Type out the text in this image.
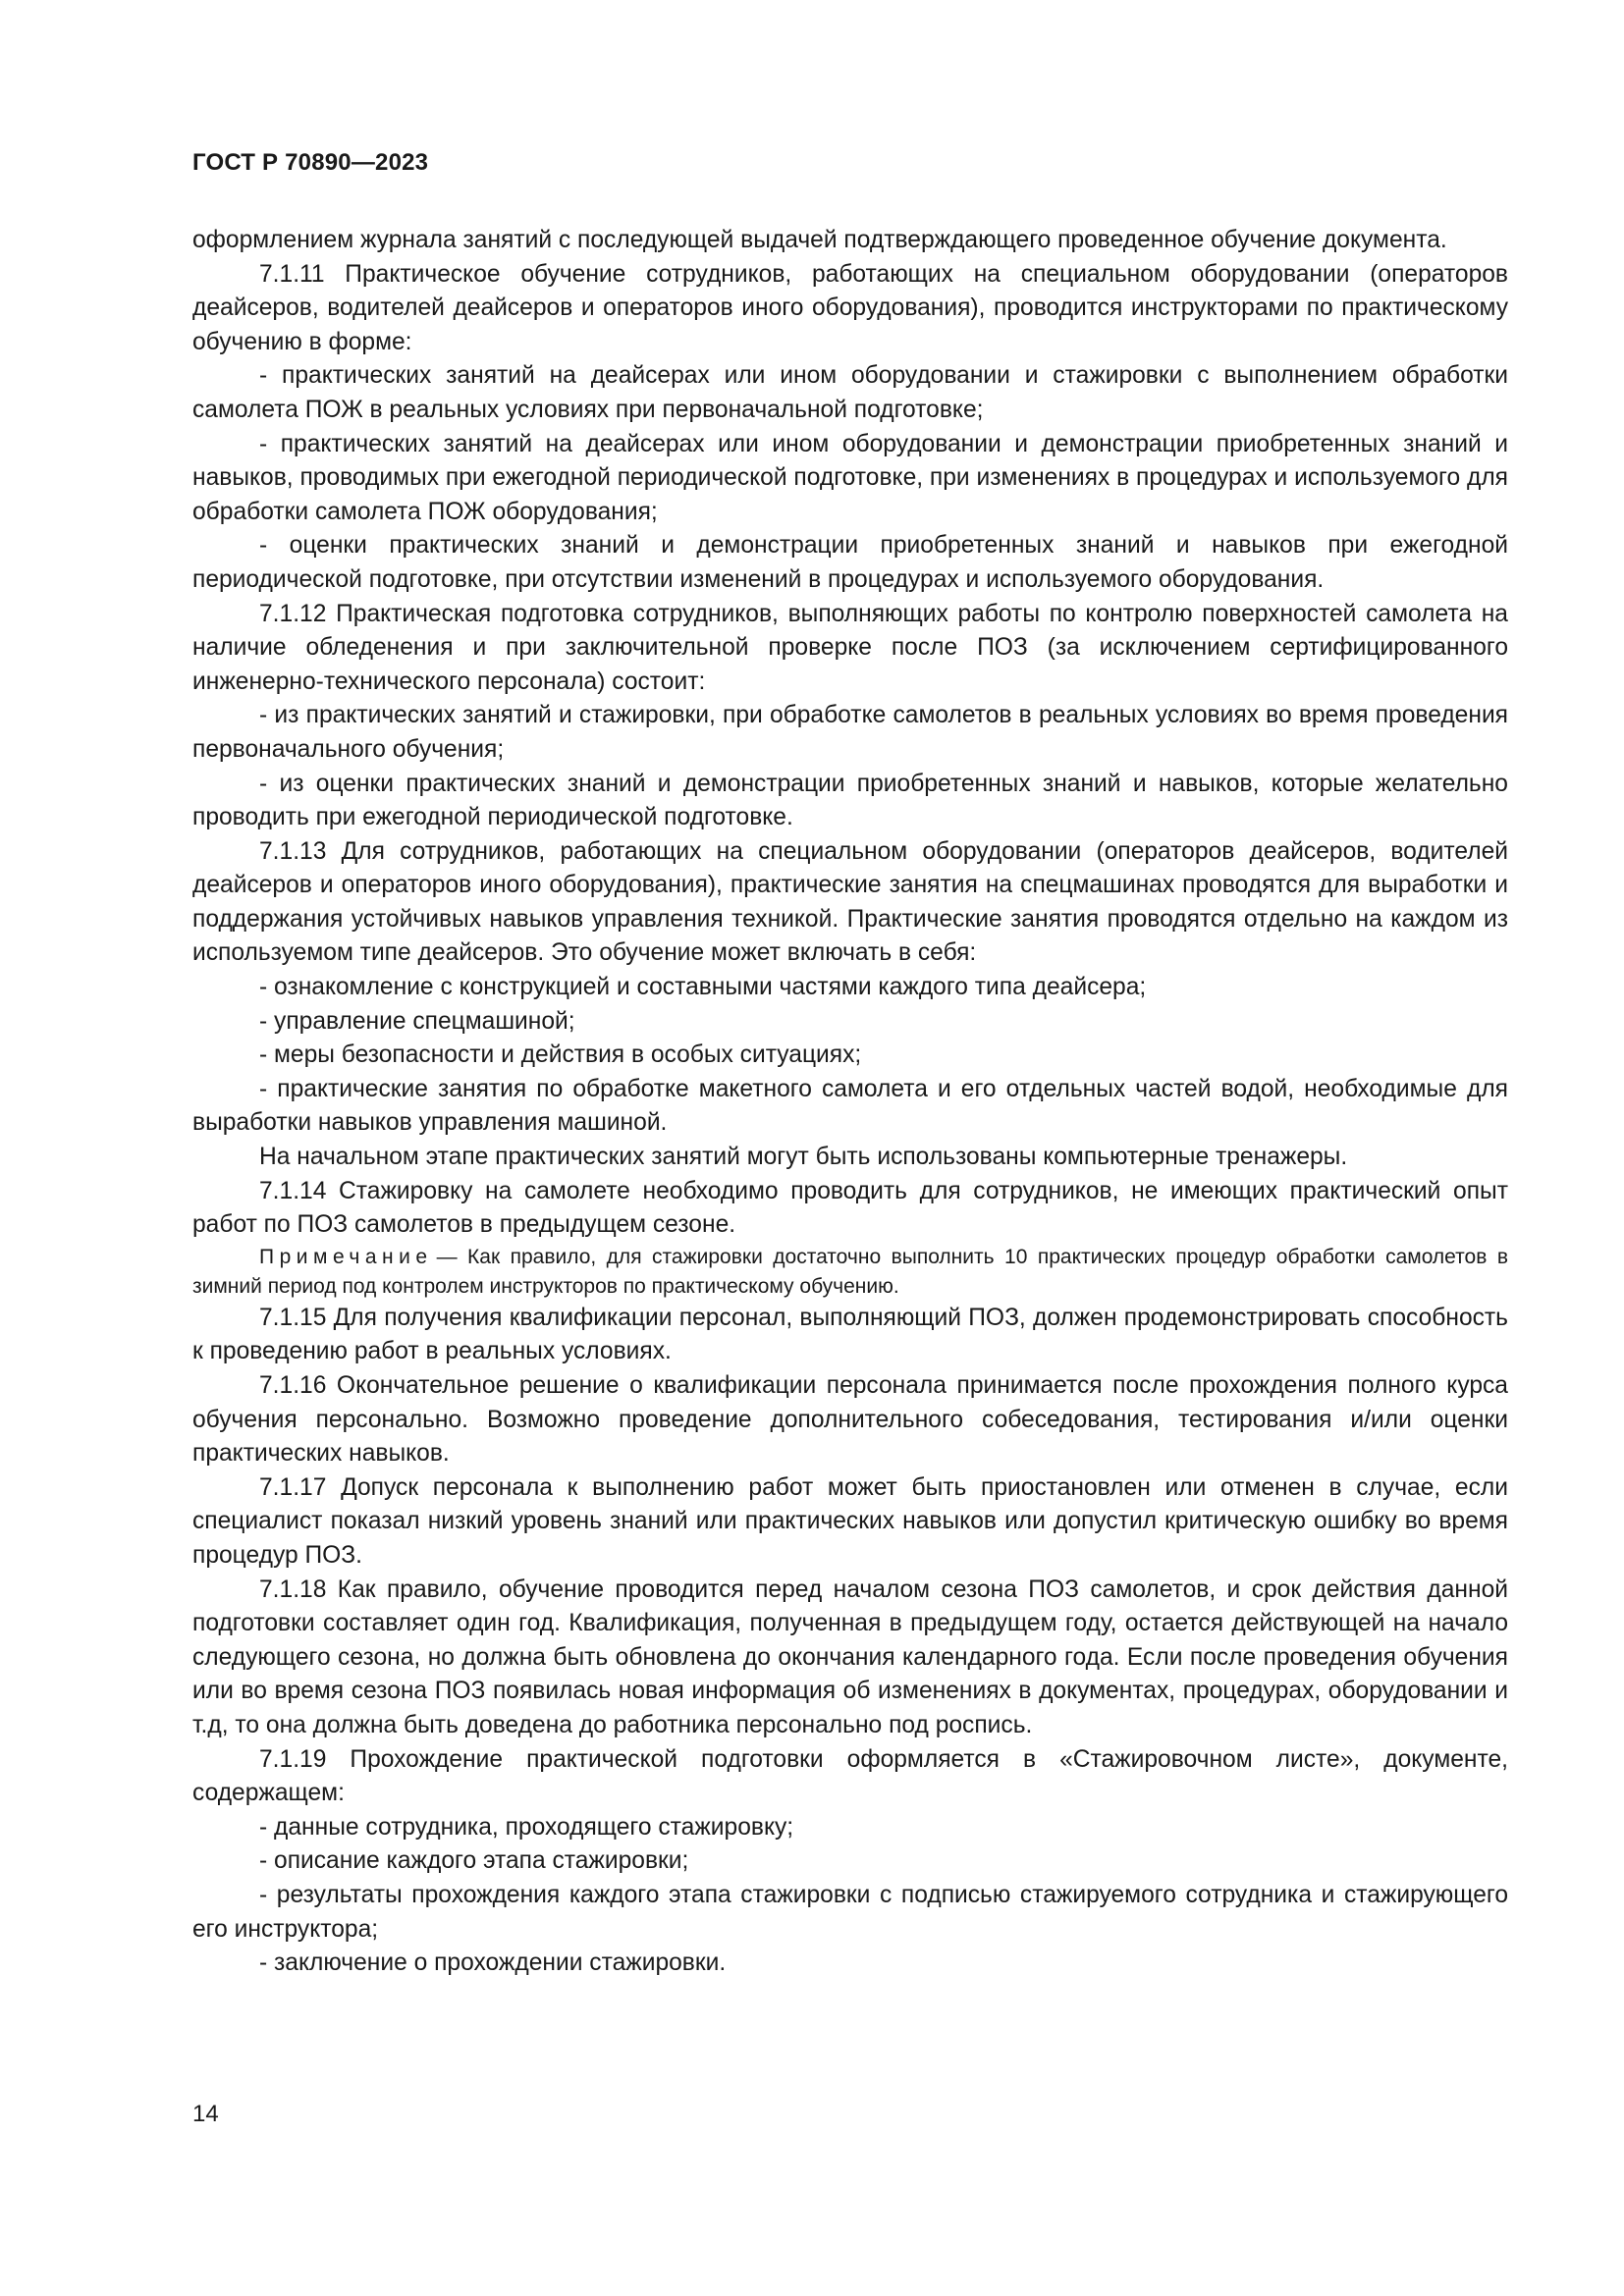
ГОСТ Р 70890—2023

оформлением журнала занятий с последующей выдачей подтверждающего проведенное обучение документа.

7.1.11 Практическое обучение сотрудников, работающих на специальном оборудовании (операторов деайсеров, водителей деайсеров и операторов иного оборудования), проводится инструкторами по практическому обучению в форме:

- практических занятий на деайсерах или ином оборудовании и стажировки с выполнением обработки самолета ПОЖ в реальных условиях при первоначальной подготовке;

- практических занятий на деайсерах или ином оборудовании и демонстрации приобретенных знаний и навыков, проводимых при ежегодной периодической подготовке, при изменениях в процедурах и используемого для обработки самолета ПОЖ оборудования;

- оценки практических знаний и демонстрации приобретенных знаний и навыков при ежегодной периодической подготовке, при отсутствии изменений в процедурах и используемого оборудования.

7.1.12 Практическая подготовка сотрудников, выполняющих работы по контролю поверхностей самолета на наличие обледенения и при заключительной проверке после ПОЗ (за исключением сертифицированного инженерно-технического персонала) состоит:

- из практических занятий и стажировки, при обработке самолетов в реальных условиях во время проведения первоначального обучения;

- из оценки практических знаний и демонстрации приобретенных знаний и навыков, которые желательно проводить при ежегодной периодической подготовке.

7.1.13 Для сотрудников, работающих на специальном оборудовании (операторов деайсеров, водителей деайсеров и операторов иного оборудования), практические занятия на спецмашинах проводятся для выработки и поддержания устойчивых навыков управления техникой. Практические занятия проводятся отдельно на каждом из используемом типе деайсеров. Это обучение может включать в себя:

- ознакомление с конструкцией и составными частями каждого типа деайсера;

- управление спецмашиной;

- меры безопасности и действия в особых ситуациях;

- практические занятия по обработке макетного самолета и его отдельных частей водой, необходимые для выработки навыков управления машиной.

На начальном этапе практических занятий могут быть использованы компьютерные тренажеры.

7.1.14 Стажировку на самолете необходимо проводить для сотрудников, не имеющих практический опыт работ по ПОЗ самолетов в предыдущем сезоне.

Примечание — Как правило, для стажировки достаточно выполнить 10 практических процедур обработки самолетов в зимний период под контролем инструкторов по практическому обучению.

7.1.15 Для получения квалификации персонал, выполняющий ПОЗ, должен продемонстрировать способность к проведению работ в реальных условиях.

7.1.16 Окончательное решение о квалификации персонала принимается после прохождения полного курса обучения персонально. Возможно проведение дополнительного собеседования, тестирования и/или оценки практических навыков.

7.1.17 Допуск персонала к выполнению работ может быть приостановлен или отменен в случае, если специалист показал низкий уровень знаний или практических навыков или допустил критическую ошибку во время процедур ПОЗ.

7.1.18 Как правило, обучение проводится перед началом сезона ПОЗ самолетов, и срок действия данной подготовки составляет один год. Квалификация, полученная в предыдущем году, остается действующей на начало следующего сезона, но должна быть обновлена до окончания календарного года. Если после проведения обучения или во время сезона ПОЗ появилась новая информация об изменениях в документах, процедурах, оборудовании и т.д, то она должна быть доведена до работника персонально под роспись.

7.1.19 Прохождение практической подготовки оформляется в «Стажировочном листе», документе, содержащем:

- данные сотрудника, проходящего стажировку;

- описание каждого этапа стажировки;

- результаты прохождения каждого этапа стажировки с подписью стажируемого сотрудника и стажирующего его инструктора;

- заключение о прохождении стажировки.

14
